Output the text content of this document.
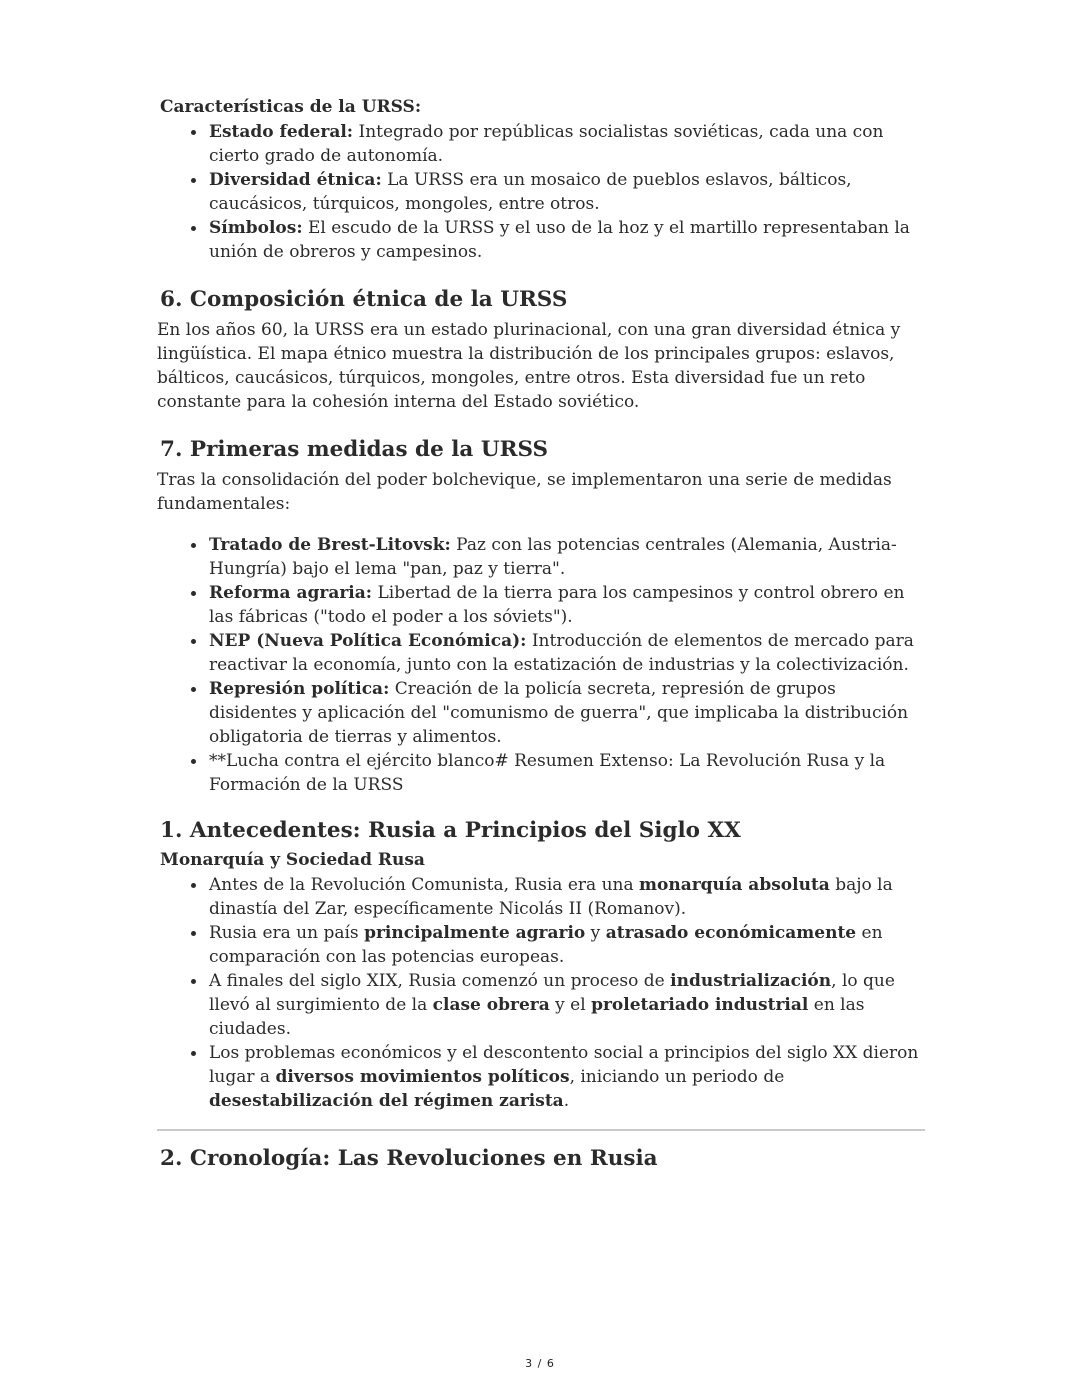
Características de la URSS:
Estado federal: Integrado por repúblicas socialistas soviéticas, cada una con cierto grado de autonomía.
Diversidad étnica: La URSS era un mosaico de pueblos eslavos, bálticos, caucásicos, túrquicos, mongoles, entre otros.
Símbolos: El escudo de la URSS y el uso de la hoz y el martillo representaban la unión de obreros y campesinos.
6. Composición étnica de la URSS

En los años 60, la URSS era un estado plurinacional, con una gran diversidad étnica y lingüística. El mapa étnico muestra la distribución de los principales grupos: eslavos, bálticos, caucásicos, túrquicos, mongoles, entre otros. Esta diversidad fue un reto constante para la cohesión interna del Estado soviético.

7. Primeras medidas de la URSS

Tras la consolidación del poder bolchevique, se implementaron una serie de medidas fundamentales:

Tratado de Brest-Litovsk: Paz con las potencias centrales (Alemania, Austria-Hungría) bajo el lema "pan, paz y tierra".
Reforma agraria: Libertad de la tierra para los campesinos y control obrero en las fábricas ("todo el poder a los sóviets").
NEP (Nueva Política Económica): Introducción de elementos de mercado para reactivar la economía, junto con la estatización de industrias y la colectivización.
Represión política: Creación de la policía secreta, represión de grupos disidentes y aplicación del "comunismo de guerra", que implicaba la distribución obligatoria de tierras y alimentos.
**Lucha contra el ejército blanco# Resumen Extenso: La Revolución Rusa y la Formación de la URSS
1. Antecedentes: Rusia a Principios del Siglo XX
Monarquía y Sociedad Rusa
Antes de la Revolución Comunista, Rusia era una monarquía absoluta bajo la dinastía del Zar, específicamente Nicolás II (Romanov).
Rusia era un país principalmente agrario y atrasado económicamente en comparación con las potencias europeas.
A finales del siglo XIX, Rusia comenzó un proceso de industrialización, lo que llevó al surgimiento de la clase obrera y el proletariado industrial en las ciudades.
Los problemas económicos y el descontento social a principios del siglo XX dieron lugar a diversos movimientos políticos, iniciando un periodo de desestabilización del régimen zarista.
2. Cronología: Las Revoluciones en Rusia
3 / 6
